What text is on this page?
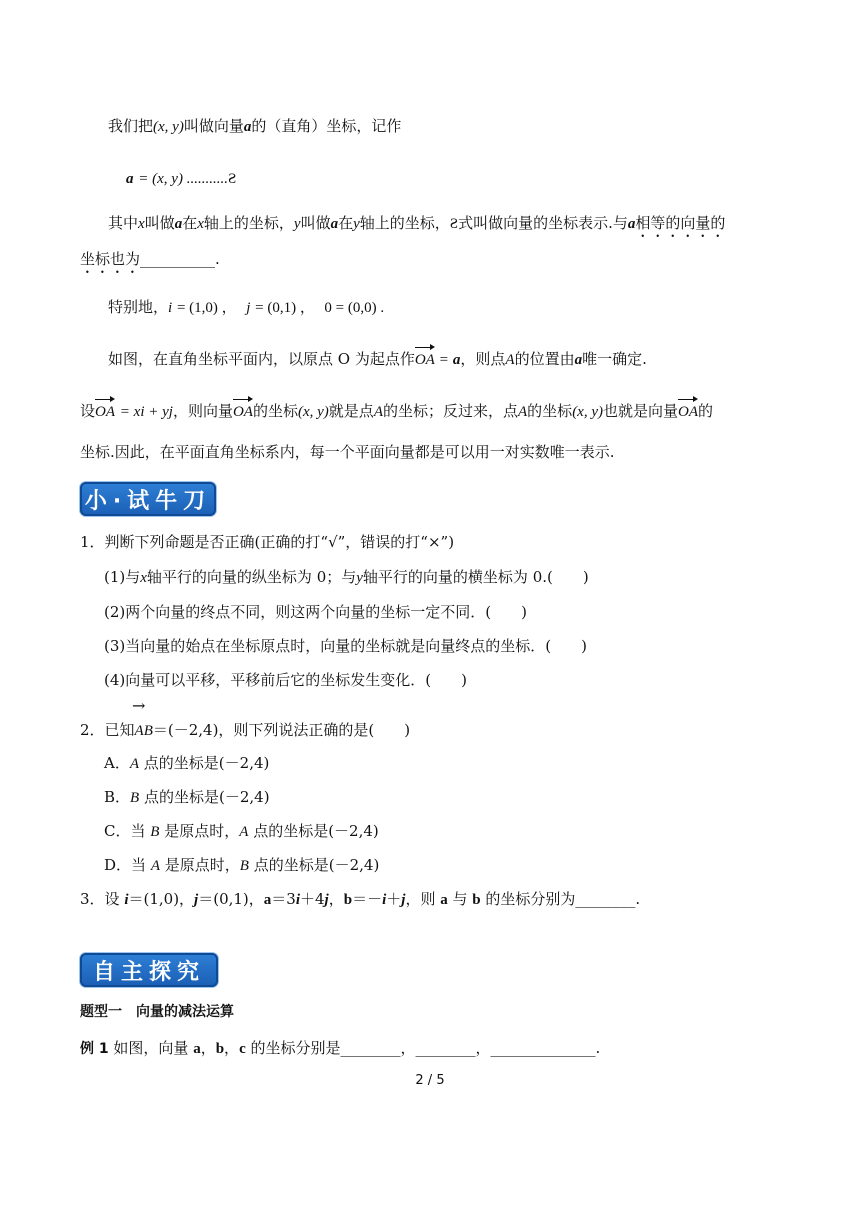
我们把(x, y)叫做向量a的（直角）坐标，记作
a = (x, y) ...........Ƨ
其中x叫做a在x轴上的坐标，y叫做a在y轴上的坐标，Ƨ式叫做向量的坐标表示.与a相等的向量的
坐标也为__________.
特别地，i = (1,0) ， j = (0,1) ， 0 = (0,0) .
如图，在直角坐标平面内，以原点 O 为起点作OA = a，则点A的位置由a唯一确定.
设OA = xi + yj，则向量OA的坐标(x, y)就是点A的坐标；反过来，点A的坐标(x, y)也就是向量OA的
坐标.因此，在平面直角坐标系内，每一个平面向量都是可以用一对实数唯一表示.
小·试牛刀
1．判断下列命题是否正确(正确的打“√”，错误的打“×”)
(1)与x轴平行的向量的纵坐标为 0；与y轴平行的向量的横坐标为 0.(　　)
(2)两个向量的终点不同，则这两个向量的坐标一定不同．(　　)
(3)当向量的始点在坐标原点时，向量的坐标就是向量终点的坐标．(　　)
(4)向量可以平移，平移前后它的坐标发生变化．(　　)
→
2．已知AB＝(－2,4)，则下列说法正确的是(　　)
A．A 点的坐标是(－2,4)
B．B 点的坐标是(－2,4)
C．当 B 是原点时，A 点的坐标是(－2,4)
D．当 A 是原点时，B 点的坐标是(－2,4)
3．设 i＝(1,0)，j＝(0,1)，a＝3i＋4j，b＝－i＋j，则 a 与 b 的坐标分别为________.
自主探究
题型一　向量的减法运算
例 1 如图，向量 a，b，c 的坐标分别是________，________，______________.
2 / 5
